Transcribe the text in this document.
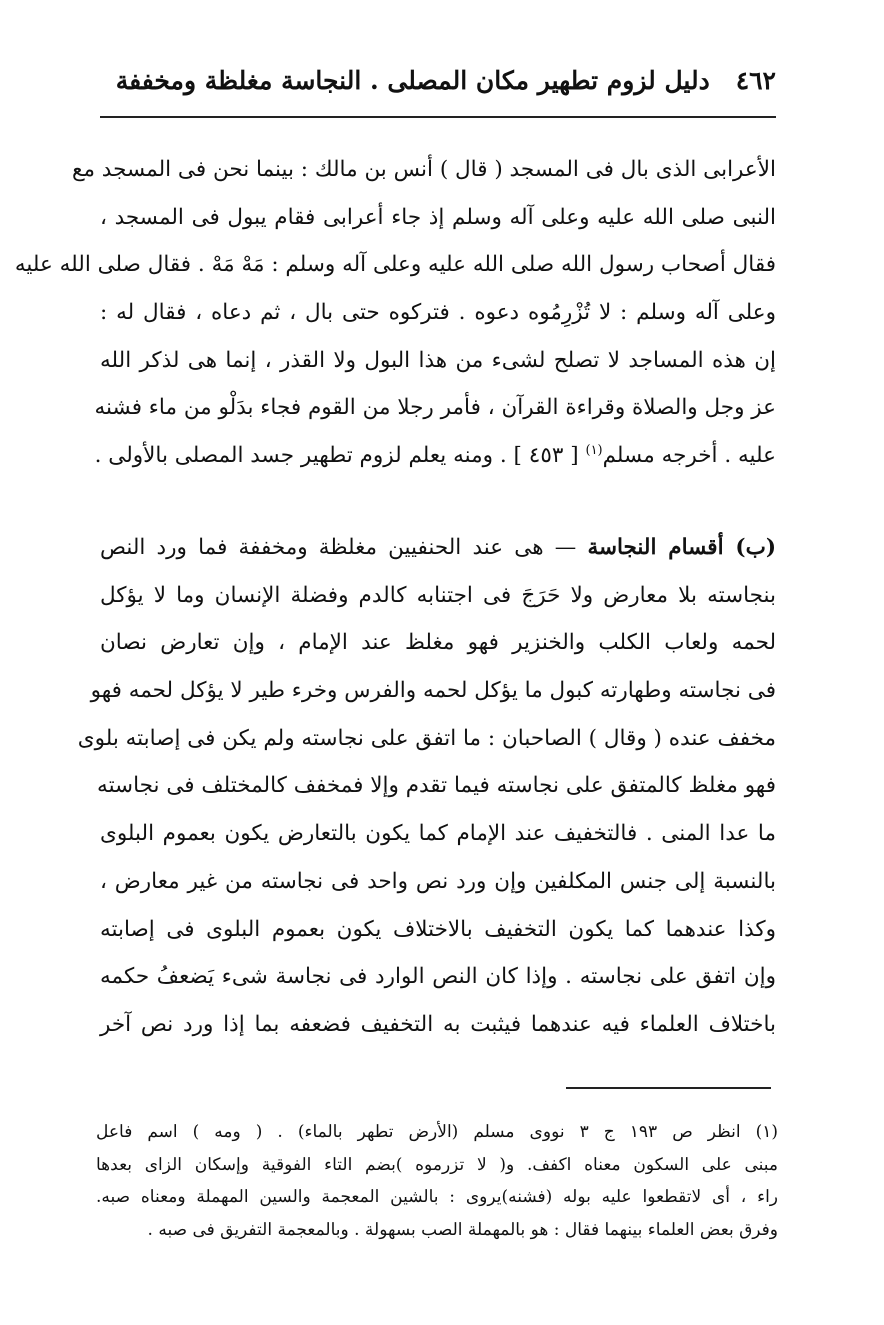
٤٦٢
دليل لزوم تطهير مكان المصلى . النجاسة مغلظة ومخففة
الأعرابى الذى بال فى المسجد ( قال ) أنس بن مالك : بينما نحن فى المسجد مع
النبى صلى الله عليه وعلى آله وسلم إذ جاء أعرابى فقام يبول فى المسجد ،
فقال أصحاب رسول الله صلى الله عليه وعلى آله وسلم : مَهْ مَهْ . فقال صلى الله عليه
وعلى آله وسلم : لا تُزْرِمُوه دعوه . فتركوه حتى بال ، ثم دعاه ، فقال له :
إن هذه المساجد لا تصلح لشىء من هذا البول ولا القذر ، إنما هى لذكر الله
عز وجل والصلاة وقراءة القرآن ، فأمر رجلا من القوم فجاء بدَلْو من ماء فشنه
عليه . أخرجه مسلم$^{(١)}$ [ ٤٥٣ ] . ومنه يعلم لزوم تطهير جسد المصلى بالأولى .
(ب) أقسام النجاسة — هى عند الحنفيين مغلظة ومخففة فما ورد النص
بنجاسته بلا معارض ولا حَرَجَ فى اجتنابه كالدم وفضلة الإنسان وما لا يؤكل
لحمه ولعاب الكلب والخنزير فهو مغلظ عند الإمام ، وإن تعارض نصان
فى نجاسته وطهارته كبول ما يؤكل لحمه والفرس وخرء طير لا يؤكل لحمه فهو
مخفف عنده ( وقال ) الصاحبان : ما اتفق على نجاسته ولم يكن فى إصابته بلوى
فهو مغلظ كالمتفق على نجاسته فيما تقدم وإلا فمخفف كالمختلف فى نجاسته
ما عدا المنى . فالتخفيف عند الإمام كما يكون بالتعارض يكون بعموم البلوى
بالنسبة إلى جنس المكلفين وإن ورد نص واحد فى نجاسته من غير معارض ،
وكذا عندهما كما يكون التخفيف بالاختلاف يكون بعموم البلوى فى إصابته
وإن اتفق على نجاسته . وإذا كان النص الوارد فى نجاسة شىء يَضعفُ حكمه
باختلاف العلماء فيه عندهما فيثبت به التخفيف فضعفه بما إذا ورد نص آخر
(١) انظر ص ١٩٣ ج ٣ نووى مسلم (الأرض تطهر بالماء) . ( ومه ) اسم فاعل
مبنى على السكون معناه اكفف. و( لا تزرموه )بضم التاء الفوقية وإسكان الزاى بعدها
راء ، أى لاتقطعوا عليه بوله (فشنه)يروى : بالشين المعجمة والسين المهملة ومعناه صبه.
وفرق بعض العلماء بينهما فقال : هو بالمهملة الصب بسهولة . وبالمعجمة التفريق فى صبه .
